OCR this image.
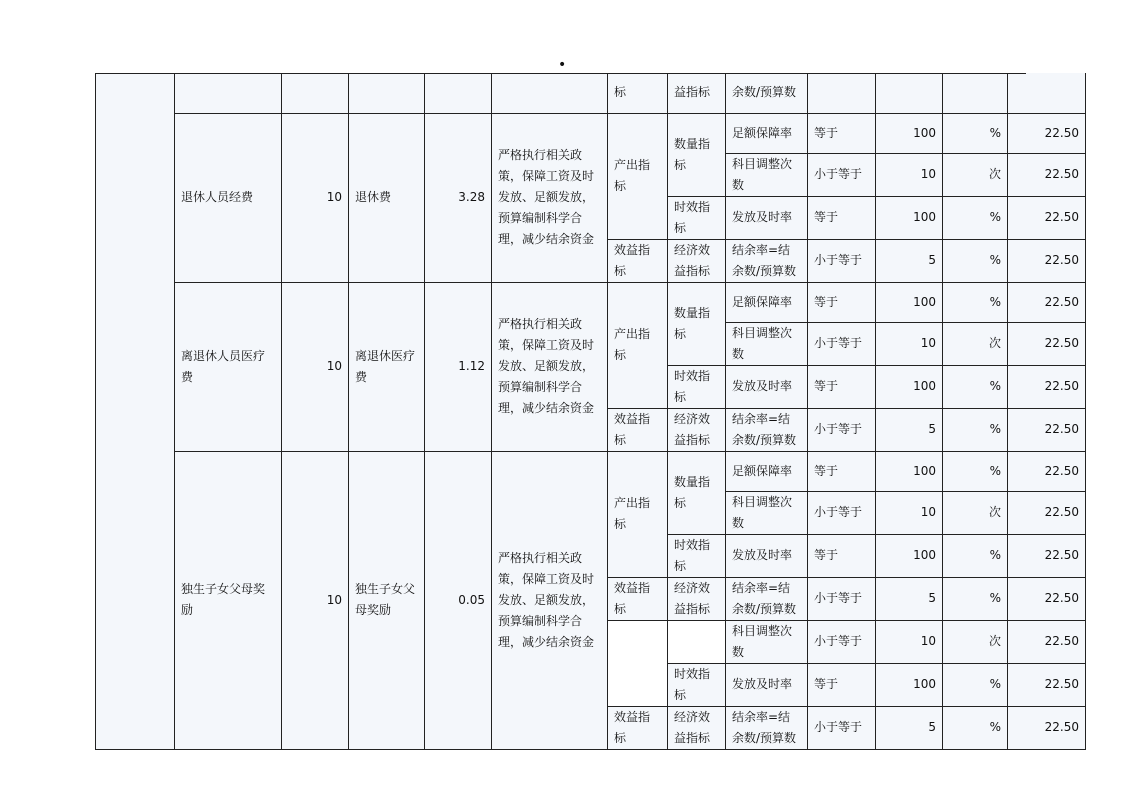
•
						标	益指标	余数/预算数				
	退休人员经费	10	退休费	3.28	严格执行相关政策，保障工资及时发放、足额发放，预算编制科学合理，减少结余资金	产出指标	数量指标	足额保障率	等于	100	%	22.50
								科目调整次数	小于等于	10	次	22.50
							时效指标	发放及时率	等于	100	%	22.50
						效益指标	经济效益指标	结余率=结余数/预算数	小于等于	5	%	22.50
	离退休人员医疗费	10	离退休医疗费	1.12	严格执行相关政策，保障工资及时发放、足额发放，预算编制科学合理，减少结余资金	产出指标	数量指标	足额保障率	等于	100	%	22.50
								科目调整次数	小于等于	10	次	22.50
							时效指标	发放及时率	等于	100	%	22.50
						效益指标	经济效益指标	结余率=结余数/预算数	小于等于	5	%	22.50
	独生子女父母奖励	10	独生子女父母奖励	0.05	严格执行相关政策，保障工资及时发放、足额发放，预算编制科学合理，减少结余资金	产出指标	数量指标	足额保障率	等于	100	%	22.50
								科目调整次数	小于等于	10	次	22.50
							时效指标	发放及时率	等于	100	%	22.50
						效益指标	经济效益指标	结余率=结余数/预算数	小于等于	5	%	22.50
								科目调整次数	小于等于	10	次	22.50
							时效指标	发放及时率	等于	100	%	22.50
						效益指标	经济效益指标	结余率=结余数/预算数	小于等于	5	%	22.50
